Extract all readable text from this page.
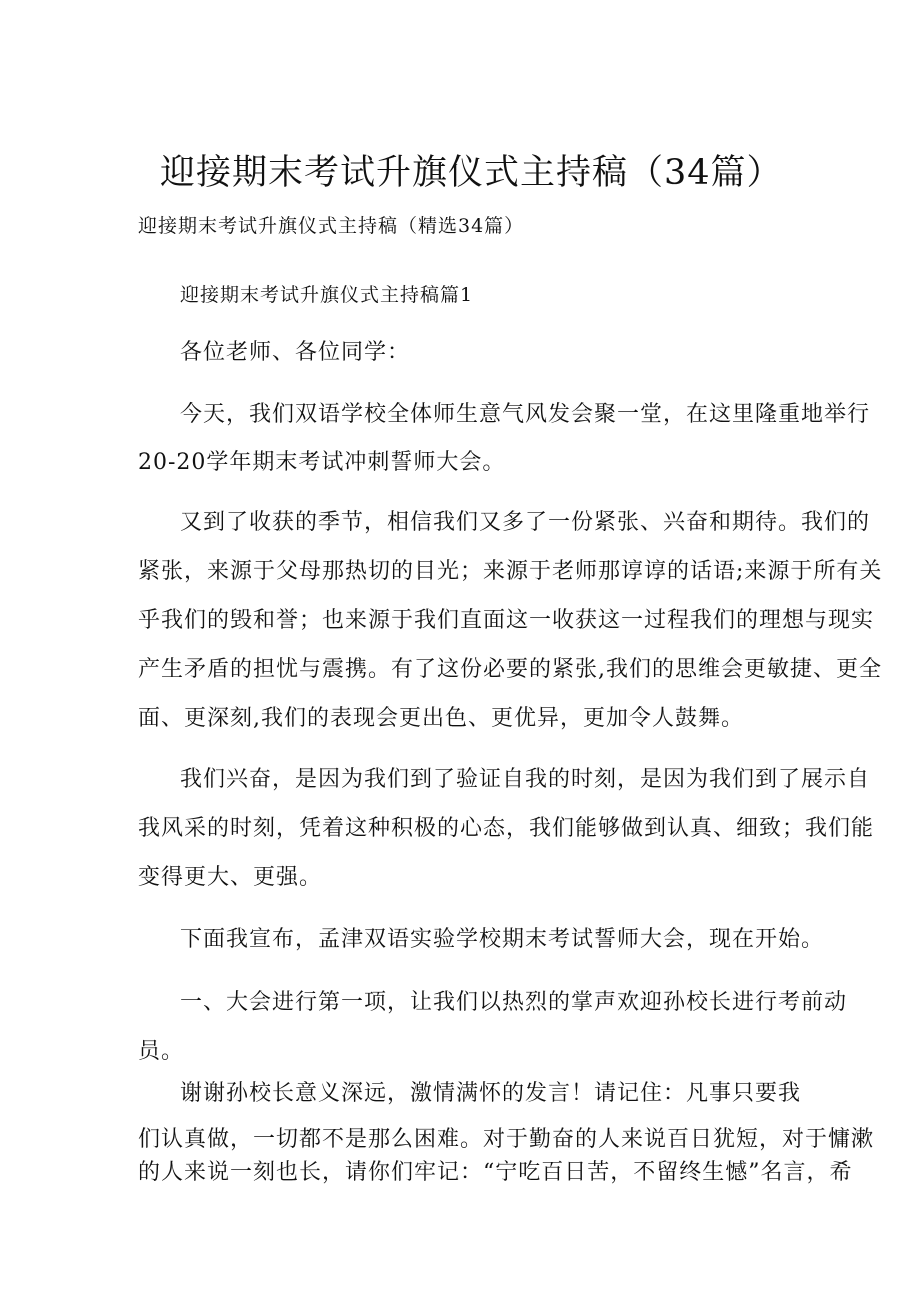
迎接期末考试升旗仪式主持稿（34篇）
迎接期末考试升旗仪式主持稿（精选34篇）
迎接期末考试升旗仪式主持稿篇1
各位老师、各位同学：
今天，我们双语学校全体师生意气风发会聚一堂，在这里隆重地举行
20-20学年期末考试冲刺誓师大会。
又到了收获的季节，相信我们又多了一份紧张、兴奋和期待。我们的
紧张，来源于父母那热切的目光；来源于老师那谆谆的话语;来源于所有关
乎我们的毁和誉；也来源于我们直面这一收获这一过程我们的理想与现实
产生矛盾的担忧与震携。有了这份必要的紧张,我们的思维会更敏捷、更全
面、更深刻,我们的表现会更出色、更优异，更加令人鼓舞。
我们兴奋，是因为我们到了验证自我的时刻，是因为我们到了展示自
我风采的时刻，凭着这种积极的心态，我们能够做到认真、细致；我们能
变得更大、更强。
下面我宣布，孟津双语实验学校期末考试誓师大会，现在开始。
一、大会进行第一项，让我们以热烈的掌声欢迎孙校长进行考前动
员。
谢谢孙校长意义深远，激情满怀的发言！请记住：凡事只要我
们认真做，一切都不是那么困难。对于勤奋的人来说百日犹短，对于慵漱
的人来说一刻也长，请你们牢记：“宁吃百日苦，不留终生憾”名言，希
